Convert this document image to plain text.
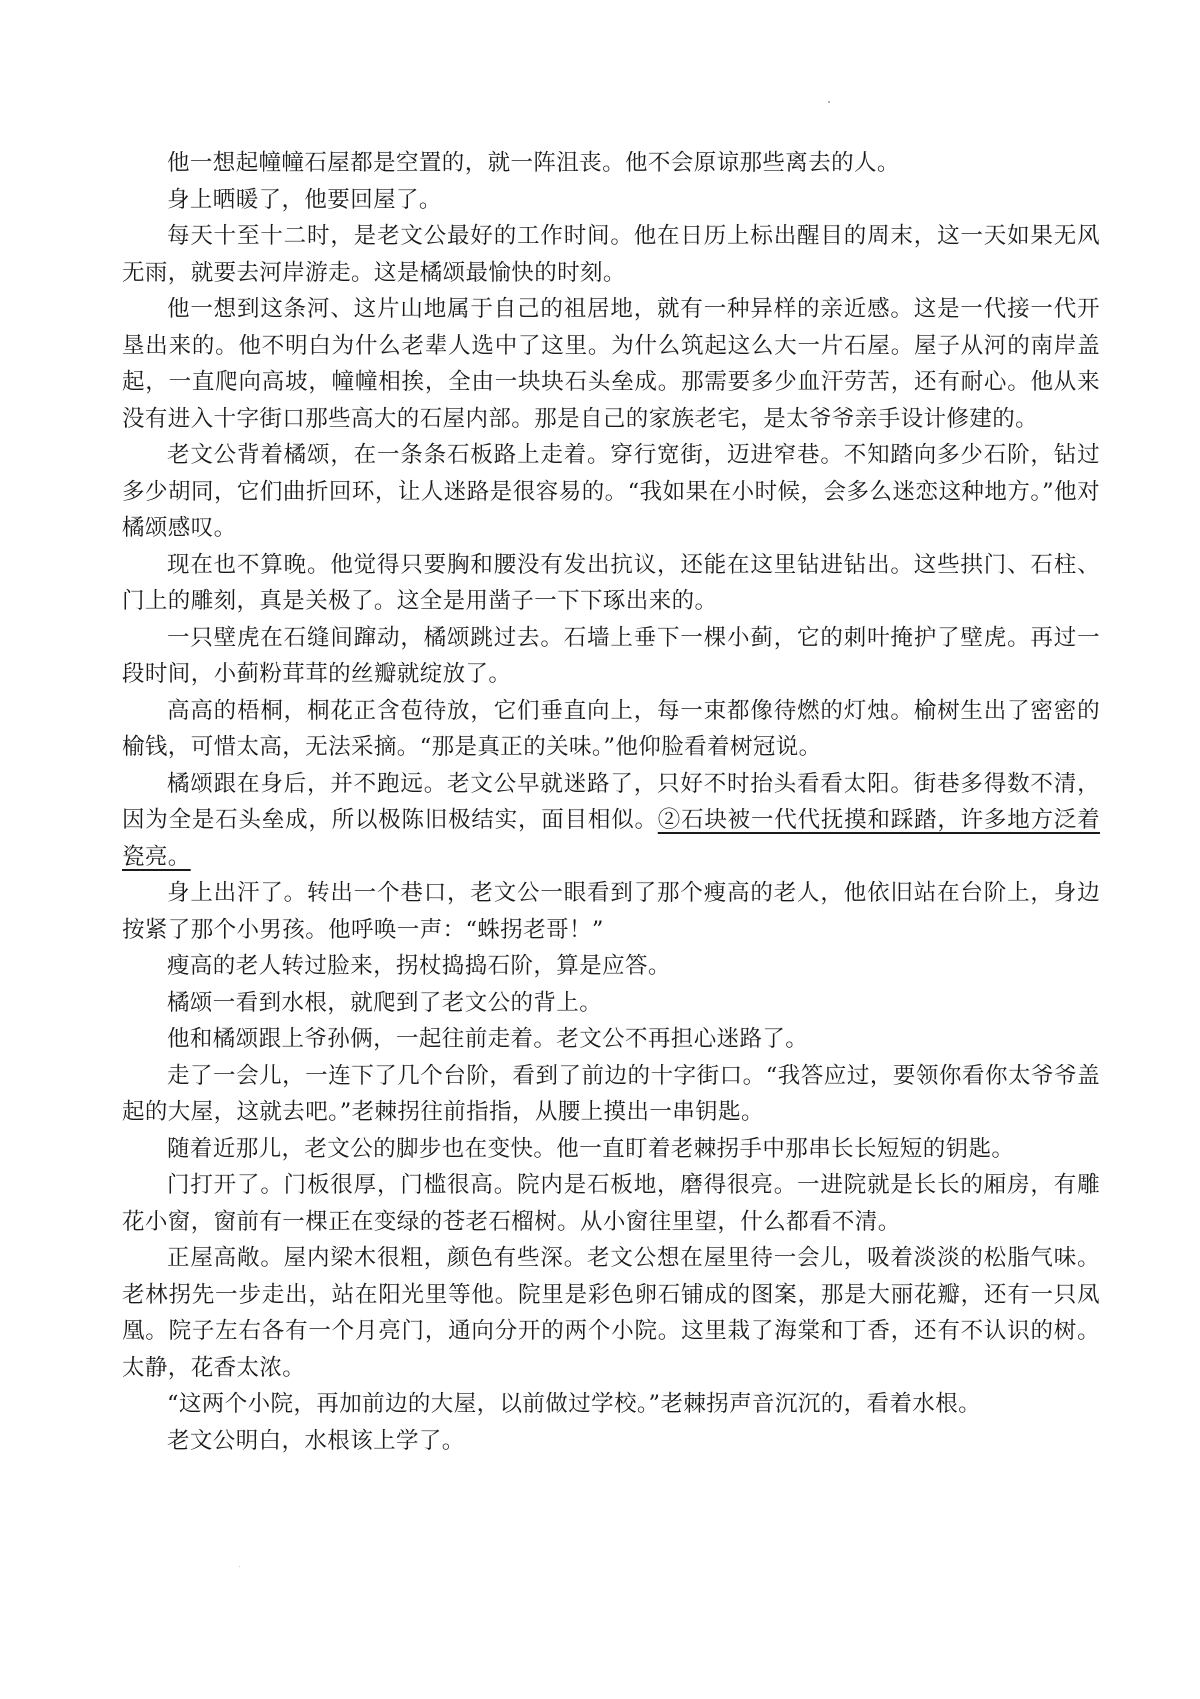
他一想起幢幢石屋都是空置的，就一阵沮丧。他不会原谅那些离去的人。

身上晒暖了，他要回屋了。

每天十至十二时，是老文公最好的工作时间。他在日历上标出醒目的周末，这一天如果无风无雨，就要去河岸游走。这是橘颂最愉快的时刻。

他一想到这条河、这片山地属于自己的祖居地，就有一种异样的亲近感。这是一代接一代开垦出来的。他不明白为什么老辈人选中了这里。为什么筑起这么大一片石屋。屋子从河的南岸盖起，一直爬向高坡，幢幢相挨，全由一块块石头垒成。那需要多少血汗劳苦，还有耐心。他从来没有进入十字街口那些高大的石屋内部。那是自己的家族老宅，是太爷爷亲手设计修建的。

老文公背着橘颂，在一条条石板路上走着。穿行宽街，迈进窄巷。不知踏向多少石阶，钻过多少胡同，它们曲折回环，让人迷路是很容易的。“我如果在小时候，会多么迷恋这种地方。”他对橘颂感叹。

现在也不算晚。他觉得只要胸和腰没有发出抗议，还能在这里钻进钻出。这些拱门、石柱、门上的雕刻，真是关极了。这全是用凿子一下下琢出来的。

一只壁虎在石缝间蹿动，橘颂跳过去。石墙上垂下一棵小蓟，它的刺叶掩护了壁虎。再过一段时间，小蓟粉茸茸的丝瓣就绽放了。

高高的梧桐，桐花正含苞待放，它们垂直向上，每一束都像待燃的灯烛。榆树生出了密密的榆钱，可惜太高，无法采摘。“那是真正的关味。”他仰脸看着树冠说。

橘颂跟在身后，并不跑远。老文公早就迷路了，只好不时抬头看看太阳。街巷多得数不清，因为全是石头垒成，所以极陈旧极结实，面目相似。②石块被一代代抚摸和踩踏，许多地方泛着瓷亮。

身上出汗了。转出一个巷口，老文公一眼看到了那个瘦高的老人，他依旧站在台阶上，身边按紧了那个小男孩。他呼唤一声：“蛛拐老哥！”

瘦高的老人转过脸来，拐杖捣捣石阶，算是应答。

橘颂一看到水根，就爬到了老文公的背上。

他和橘颂跟上爷孙俩，一起往前走着。老文公不再担心迷路了。

走了一会儿，一连下了几个台阶，看到了前边的十字街口。“我答应过，要领你看你太爷爷盖起的大屋，这就去吧。”老棘拐往前指指，从腰上摸出一串钥匙。

随着近那儿，老文公的脚步也在变快。他一直盯着老棘拐手中那串长长短短的钥匙。

门打开了。门板很厚，门槛很高。院内是石板地，磨得很亮。一进院就是长长的厢房，有雕花小窗，窗前有一棵正在变绿的苍老石榴树。从小窗往里望，什么都看不清。

正屋高敞。屋内梁木很粗，颜色有些深。老文公想在屋里待一会儿，吸着淡淡的松脂气味。老林拐先一步走出，站在阳光里等他。院里是彩色卵石铺成的图案，那是大丽花瓣，还有一只凤凰。院子左右各有一个月亮门，通向分开的两个小院。这里栽了海棠和丁香，还有不认识的树。太静，花香太浓。

“这两个小院，再加前边的大屋，以前做过学校。”老棘拐声音沉沉的，看着水根。

老文公明白，水根该上学了。
